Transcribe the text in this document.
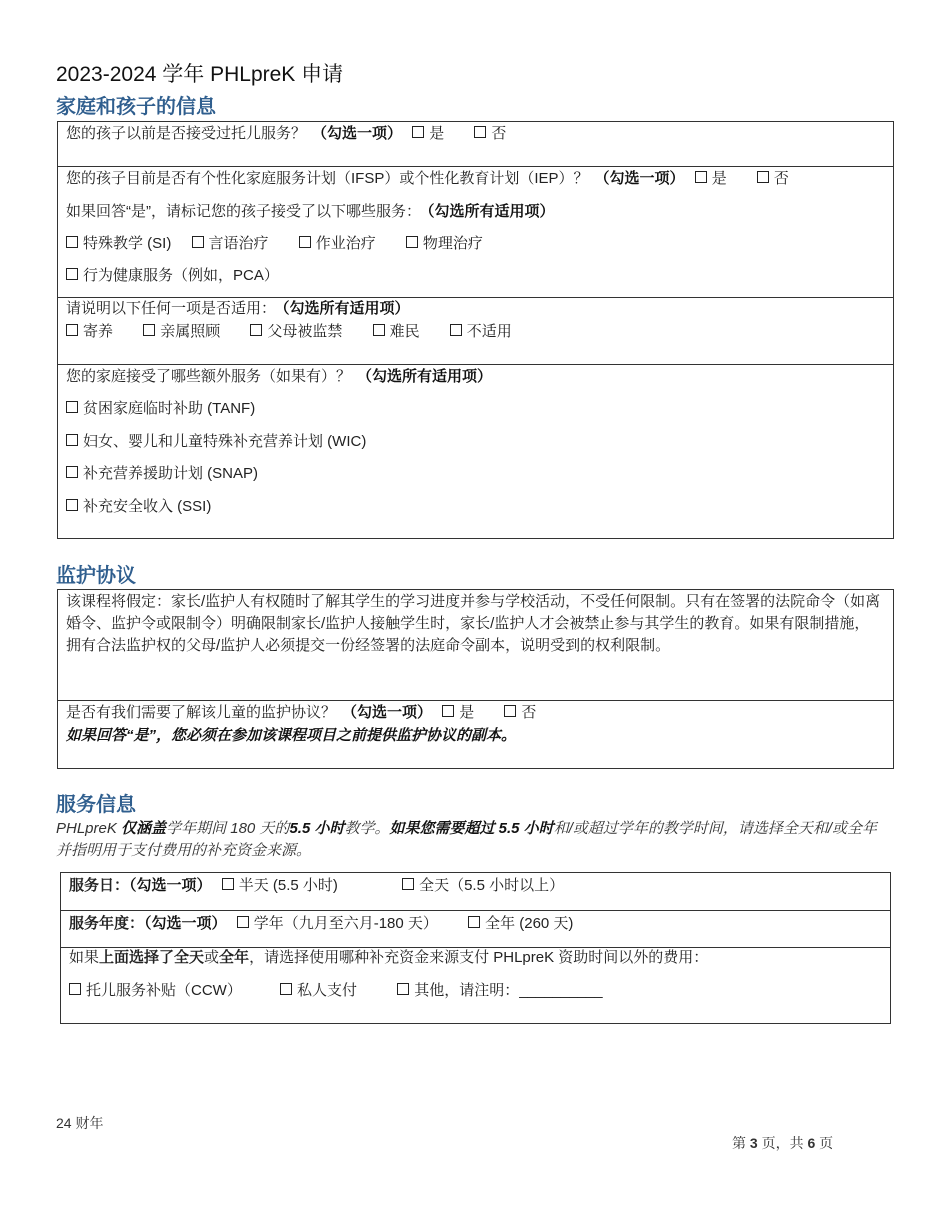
2023-2024 学年 PHLpreK 申请
家庭和孩子的信息
您的孩子以前是否接受过托儿服务？ （勾选一项） 是	否
您的孩子目前是否有个性化家庭服务计划（IFSP）或个性化教育计划（IEP）？ （勾选一项） 是	否
如果回答“是”，请标记您的孩子接受了以下哪些服务： （勾选所有适用项）
特殊教学 (SI) 言语治疗	作业治疗	物理治疗
行为健康服务（例如，PCA）
请说明以下任何一项是否适用： （勾选所有适用项）
寄养	亲属照顾	父母被监禁	难民	不适用
您的家庭接受了哪些额外服务（如果有）？ （勾选所有适用项）
贫困家庭临时补助 (TANF)
妇女、婴儿和儿童特殊补充营养计划 (WIC)
补充营养援助计划 (SNAP)
补充安全收入 (SSI)
监护协议
该课程将假定：家长/监护人有权随时了解其学生的学习进度并参与学校活动，不受任何限制。只有在签署的法院命令（如离婚令、监护令或限制令）明确限制家长/监护人接触学生时，家长/监护人才会被禁止参与其学生的教育。如果有限制措施，拥有合法监护权的父母/监护人必须提交一份经签署的法庭命令副本，说明受到的权利限制。
是否有我们需要了解该儿童的监护协议？ （勾选一项） 是	否
如果回答“是”，您必须在参加该课程项目之前提供监护协议的副本。
服务信息
PHLpreK 仅涵盖学年期间 180 天的5.5 小时教学。如果您需要超过 5.5 小时和/或超过学年的教学时间，请选择全天和/或全年并指明用于支付费用的补充资金来源。
服务日：（勾选一项） 半天 (5.5 小时)	全天（5.5 小时以上）
服务年度：（勾选一项） 学年（九月至六月-180 天）	全年 (260 天)
如果上面选择了全天或全年，请选择使用哪种补充资金来源支付 PHLpreK 资助时间以外的费用：
托儿服务补贴（CCW）	私人支付	其他，请注明：__________
24 财年
第 3 页，共 6 页
